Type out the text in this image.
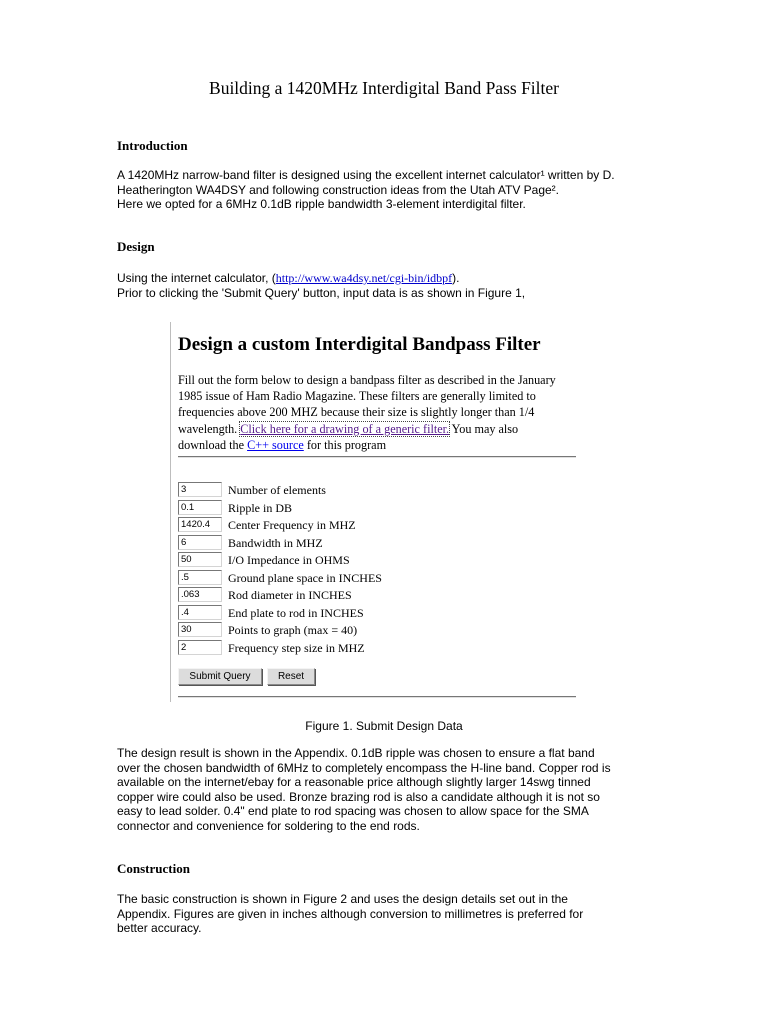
Building a 1420MHz Interdigital Band Pass Filter
Introduction

A 1420MHz narrow-band filter is designed using the excellent internet calculator¹ written by D.
Heatherington WA4DSY and following construction ideas from the Utah ATV Page².
Here we opted for a 6MHz 0.1dB ripple bandwidth 3-element interdigital filter.

Design

Using the internet calculator, (http://www.wa4dsy.net/cgi-bin/idbpf).
Prior to clicking the 'Submit Query' button, input data is as shown in Figure 1,

Design a custom Interdigital Bandpass Filter
Fill out the form below to design a bandpass filter as described in the January
1985 issue of Ham Radio Magazine. These filters are generally limited to
frequencies above 200 MHZ because their size is slightly longer than 1/4
wavelength. Click here for a drawing of a generic filter. You may also
download the C++ source for this program
3	Number of elements
0.1	Ripple in DB
1420.4	Center Frequency in MHZ
6	Bandwidth in MHZ
50	I/O Impedance in OHMS
.5	Ground plane space in INCHES
.063	Rod diameter in INCHES
.4	End plate to rod in INCHES
30	Points to graph (max = 40)
2	Frequency step size in MHZ
Submit Query	Reset

Figure 1. Submit Design Data

The design result is shown in the Appendix. 0.1dB ripple was chosen to ensure a flat band
over the chosen bandwidth of 6MHz to completely encompass the H-line band. Copper rod is
available on the internet/ebay for a reasonable price although slightly larger 14swg tinned
copper wire could also be used. Bronze brazing rod is also a candidate although it is not so
easy to lead solder. 0.4" end plate to rod spacing was chosen to allow space for the SMA
connector and convenience for soldering to the end rods.

Construction

The basic construction is shown in Figure 2 and uses the design details set out in the
Appendix. Figures are given in inches although conversion to millimetres is preferred for
better accuracy.
